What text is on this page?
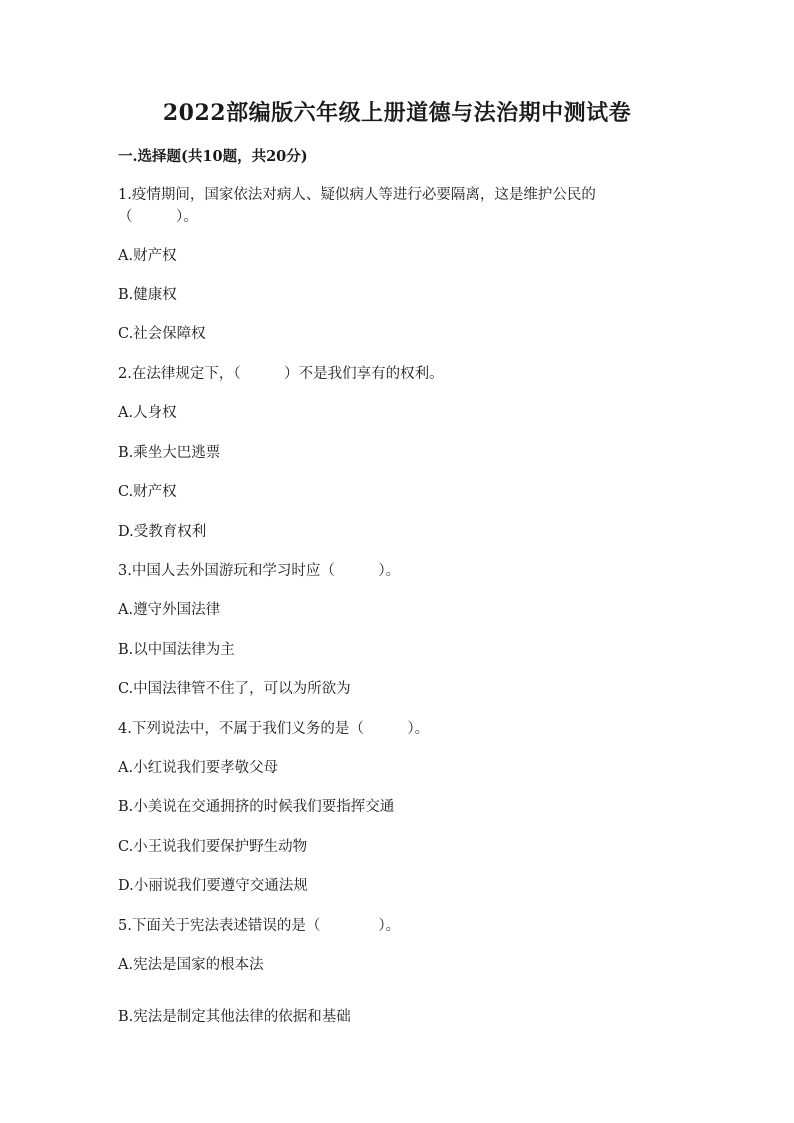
2022部编版六年级上册道德与法治期中测试卷
一.选择题(共10题，共20分)
1.疫情期间，国家依法对病人、疑似病人等进行必要隔离，这是维护公民的
（　　　）。
A.财产权
B.健康权
C.社会保障权
2.在法律规定下，（　　　）不是我们享有的权利。
A.人身权
B.乘坐大巴逃票
C.财产权
D.受教育权利
3.中国人去外国游玩和学习时应（　　　）。
A.遵守外国法律
B.以中国法律为主
C.中国法律管不住了，可以为所欲为
4.下列说法中，不属于我们义务的是（　　　）。
A.小红说我们要孝敬父母
B.小美说在交通拥挤的时候我们要指挥交通
C.小王说我们要保护野生动物
D.小丽说我们要遵守交通法规
5.下面关于宪法表述错误的是（　　　　）。
A.宪法是国家的根本法
B.宪法是制定其他法律的依据和基础
